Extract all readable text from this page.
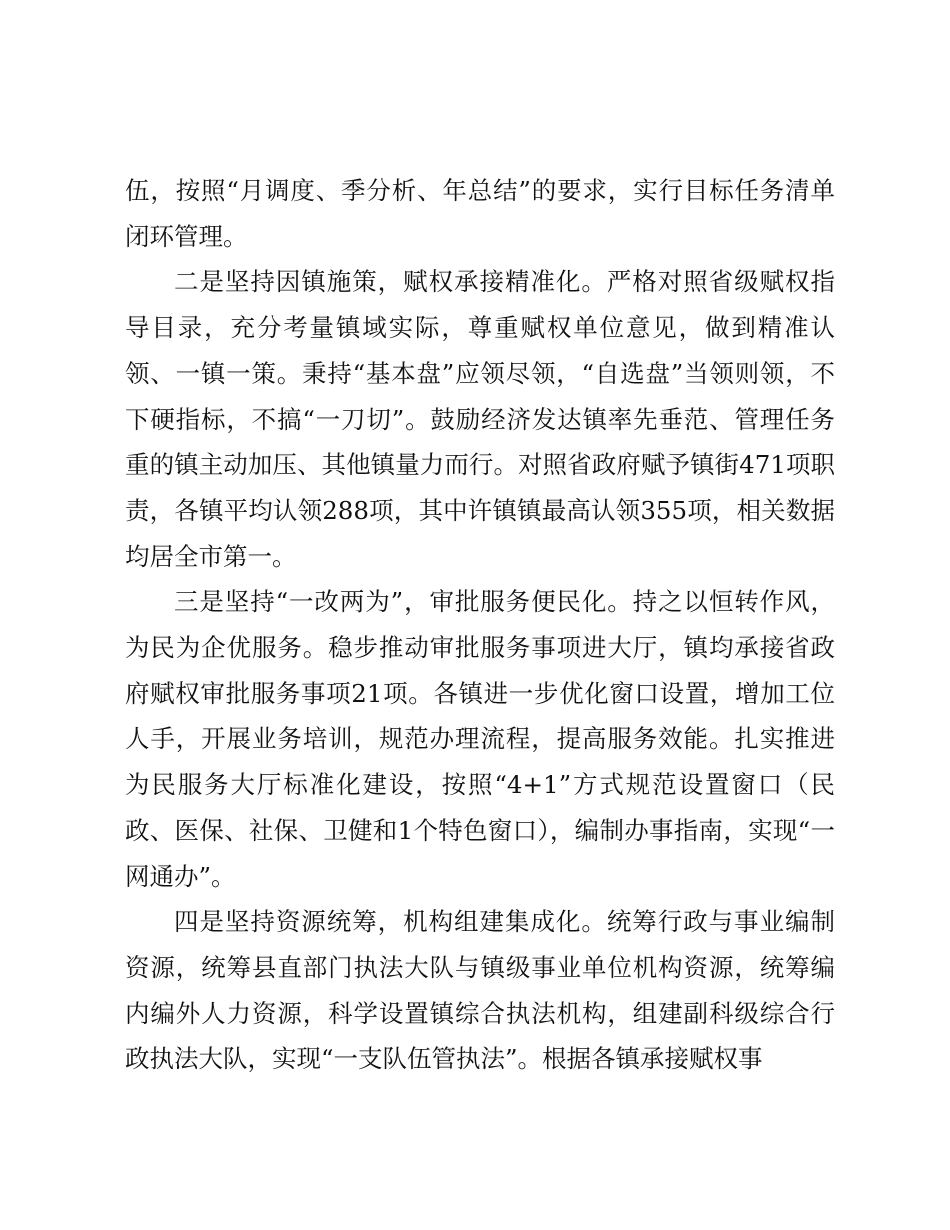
伍，按照“月调度、季分析、年总结”的要求，实行目标任务清单闭环管理。

二是坚持因镇施策，赋权承接精准化。严格对照省级赋权指导目录，充分考量镇域实际，尊重赋权单位意见，做到精准认领、一镇一策。秉持“基本盘”应领尽领，“自选盘”当领则领，不下硬指标，不搞“一刀切”。鼓励经济发达镇率先垂范、管理任务重的镇主动加压、其他镇量力而行。对照省政府赋予镇街471项职责，各镇平均认领288项，其中许镇镇最高认领355项，相关数据均居全市第一。

三是坚持“一改两为”，审批服务便民化。持之以恒转作风，为民为企优服务。稳步推动审批服务事项进大厅，镇均承接省政府赋权审批服务事项21项。各镇进一步优化窗口设置，增加工位人手，开展业务培训，规范办理流程，提高服务效能。扎实推进为民服务大厅标准化建设，按照“4+1”方式规范设置窗口（民政、医保、社保、卫健和1个特色窗口），编制办事指南，实现“一网通办”。

四是坚持资源统筹，机构组建集成化。统筹行政与事业编制资源，统筹县直部门执法大队与镇级事业单位机构资源，统筹编内编外人力资源，科学设置镇综合执法机构，组建副科级综合行政执法大队，实现“一支队伍管执法”。根据各镇承接赋权事
